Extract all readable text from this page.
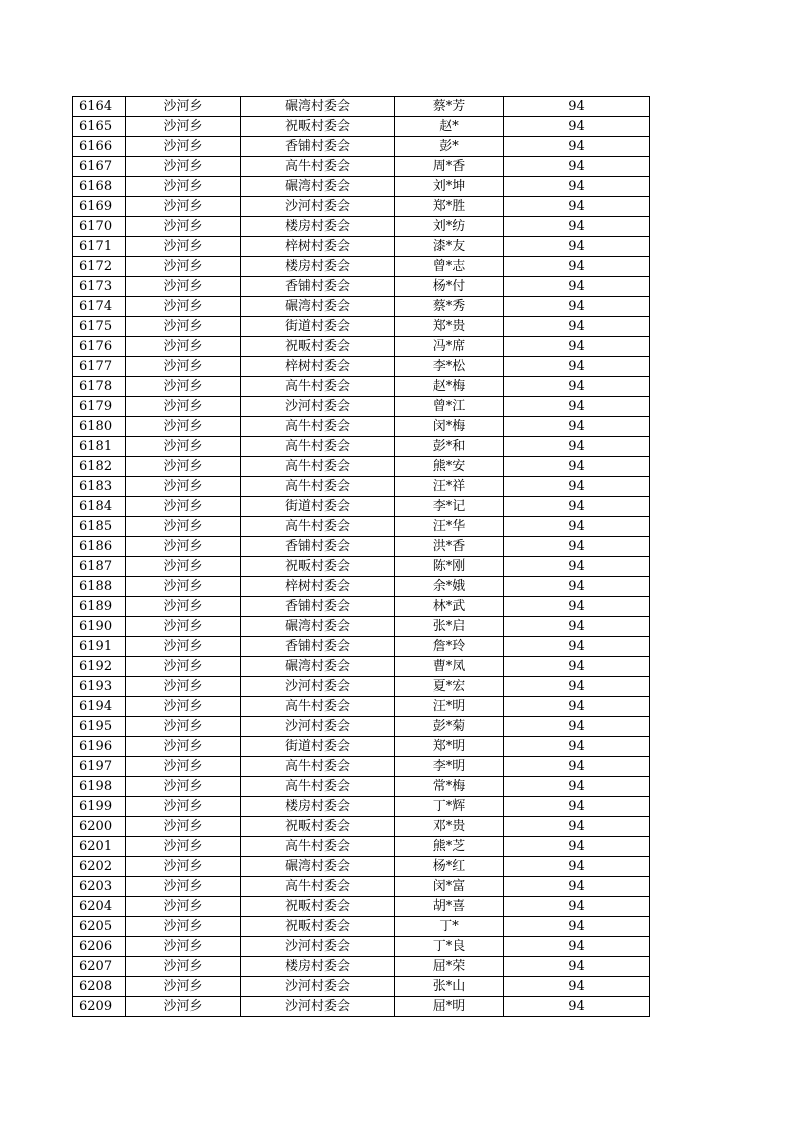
6164	沙河乡	碾湾村委会	蔡*芳	94
6165	沙河乡	祝畈村委会	赵*	94
6166	沙河乡	香铺村委会	彭*	94
6167	沙河乡	高牛村委会	周*香	94
6168	沙河乡	碾湾村委会	刘*坤	94
6169	沙河乡	沙河村委会	郑*胜	94
6170	沙河乡	楼房村委会	刘*纺	94
6171	沙河乡	梓树村委会	漆*友	94
6172	沙河乡	楼房村委会	曾*志	94
6173	沙河乡	香铺村委会	杨*付	94
6174	沙河乡	碾湾村委会	蔡*秀	94
6175	沙河乡	街道村委会	郑*贵	94
6176	沙河乡	祝畈村委会	冯*席	94
6177	沙河乡	梓树村委会	李*松	94
6178	沙河乡	高牛村委会	赵*梅	94
6179	沙河乡	沙河村委会	曾*江	94
6180	沙河乡	高牛村委会	闵*梅	94
6181	沙河乡	高牛村委会	彭*和	94
6182	沙河乡	高牛村委会	熊*安	94
6183	沙河乡	高牛村委会	汪*祥	94
6184	沙河乡	街道村委会	李*记	94
6185	沙河乡	高牛村委会	汪*华	94
6186	沙河乡	香铺村委会	洪*香	94
6187	沙河乡	祝畈村委会	陈*刚	94
6188	沙河乡	梓树村委会	余*娥	94
6189	沙河乡	香铺村委会	林*武	94
6190	沙河乡	碾湾村委会	张*启	94
6191	沙河乡	香铺村委会	詹*玲	94
6192	沙河乡	碾湾村委会	曹*凤	94
6193	沙河乡	沙河村委会	夏*宏	94
6194	沙河乡	高牛村委会	汪*明	94
6195	沙河乡	沙河村委会	彭*菊	94
6196	沙河乡	街道村委会	郑*明	94
6197	沙河乡	高牛村委会	李*明	94
6198	沙河乡	高牛村委会	常*梅	94
6199	沙河乡	楼房村委会	丁*辉	94
6200	沙河乡	祝畈村委会	邓*贵	94
6201	沙河乡	高牛村委会	熊*芝	94
6202	沙河乡	碾湾村委会	杨*红	94
6203	沙河乡	高牛村委会	闵*富	94
6204	沙河乡	祝畈村委会	胡*喜	94
6205	沙河乡	祝畈村委会	丁*	94
6206	沙河乡	沙河村委会	丁*良	94
6207	沙河乡	楼房村委会	屈*荣	94
6208	沙河乡	沙河村委会	张*山	94
6209	沙河乡	沙河村委会	屈*明	94
